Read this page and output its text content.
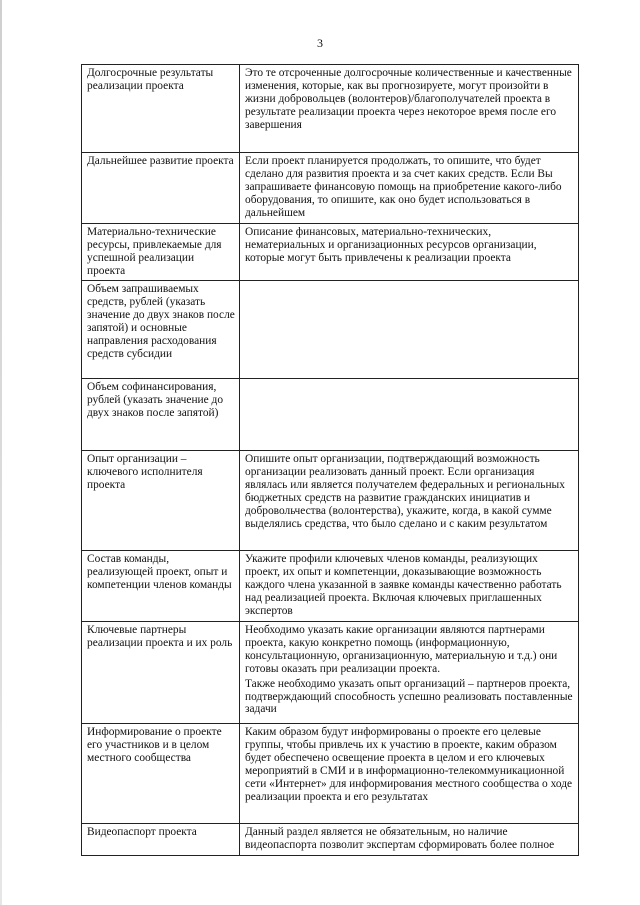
3
Долгосрочные результаты реализации проекта	Это те отсроченные долгосрочные количественные и качественные изменения, которые, как вы прогнозируете, могут произойти в жизни добровольцев (волонтеров)/благополучателей проекта в результате реализации проекта через некоторое время после его завершения

Дальнейшее развитие проекта	Если проект планируется продолжать, то опишите, что будет сделано для развития проекта и за счет каких средств. Если Вы запрашиваете финансовую помощь на приобретение какого-либо оборудования, то опишите, как оно будет использоваться в дальнейшем

Материально-технические ресурсы, привлекаемые для успешной реализации проекта	Описание финансовых, материально-технических, нематериальных и организационных ресурсов организации, которые могут быть привлечены к реализации проекта

Объем запрашиваемых средств, рублей (указать значение до двух знаков после запятой) и основные направления расходования средств субсидии	
Объем софинансирования, рублей (указать значение до двух знаков после запятой)	
Опыт организации – ключевого исполнителя проекта	Опишите опыт организации, подтверждающий возможность организации реализовать данный проект. Если организация являлась или является получателем федеральных и региональных бюджетных средств на развитие гражданских инициатив и добровольчества (волонтерства), укажите, когда, в какой сумме выделялись средства, что было сделано и с каким результатом

Состав команды, реализующей проект, опыт и компетенции членов команды	Укажите профили ключевых членов команды, реализующих проект, их опыт и компетенции, доказывающие возможность каждого члена указанной в заявке команды качественно работать над реализацией проекта. Включая ключевых приглашенных экспертов

Ключевые партнеры реализации проекта и их роль	Необходимо указать какие организации являются партнерами проекта, какую конкретно помощь (информационную, консультационную, организационную, материальную и т.д.) они готовы оказать при реализации проекта.

Также необходимо указать опыт организаций – партнеров проекта, подтверждающий способность успешно реализовать поставленные задачи

Информирование о проекте его участников и в целом местного сообщества	Каким образом будут информированы о проекте его целевые группы, чтобы привлечь их к участию в проекте, каким образом будет обеспечено освещение проекта в целом и его ключевых мероприятий в СМИ и в информационно-телекоммуникационной сети «Интернет» для информирования местного сообщества о ходе реализации проекта и его результатах

Видеопаспорт проекта	Данный раздел является не обязательным, но наличие видеопаспорта позволит экспертам сформировать более полное
